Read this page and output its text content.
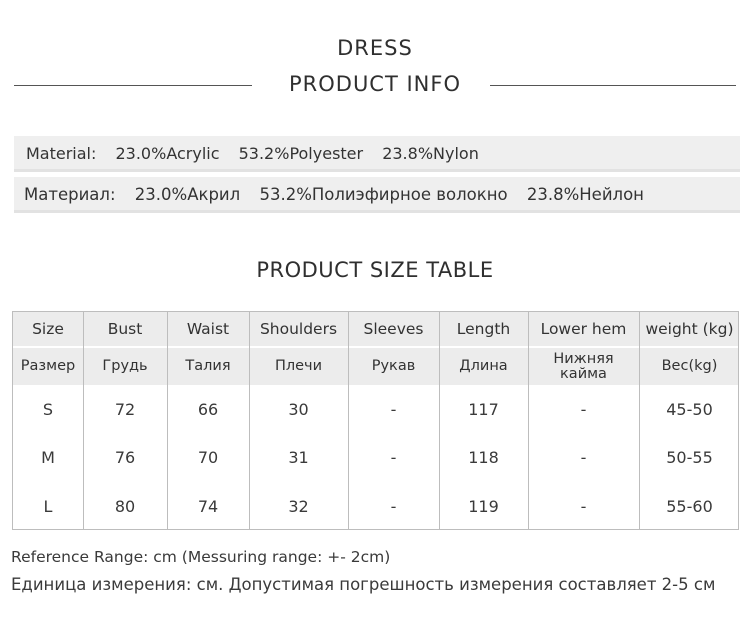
DRESS
PRODUCT INFO
Material: 23.0%Acrylic 53.2%Polyester 23.8%Nylon
Материал: 23.0%Акрил 53.2%Полиэфирное волокно 23.8%Нейлон
PRODUCT SIZE TABLE
Size
Размер
S
M
L
Bust
Грудь
72
76
80
Waist
Талия
66
70
74
Shoulders
Плечи
30
31
32
Sleeves
Рукав
-
-
-
Length
Длина
117
118
119
Lower hem
Нижняя кайма
-
-
-
weight (kg)
Вес(kg)
45-50
50-55
55-60
Reference Range: cm (Messuring range: +- 2cm)
Единица измерения: см. Допустимая погрешность измерения составляет 2-5 см
